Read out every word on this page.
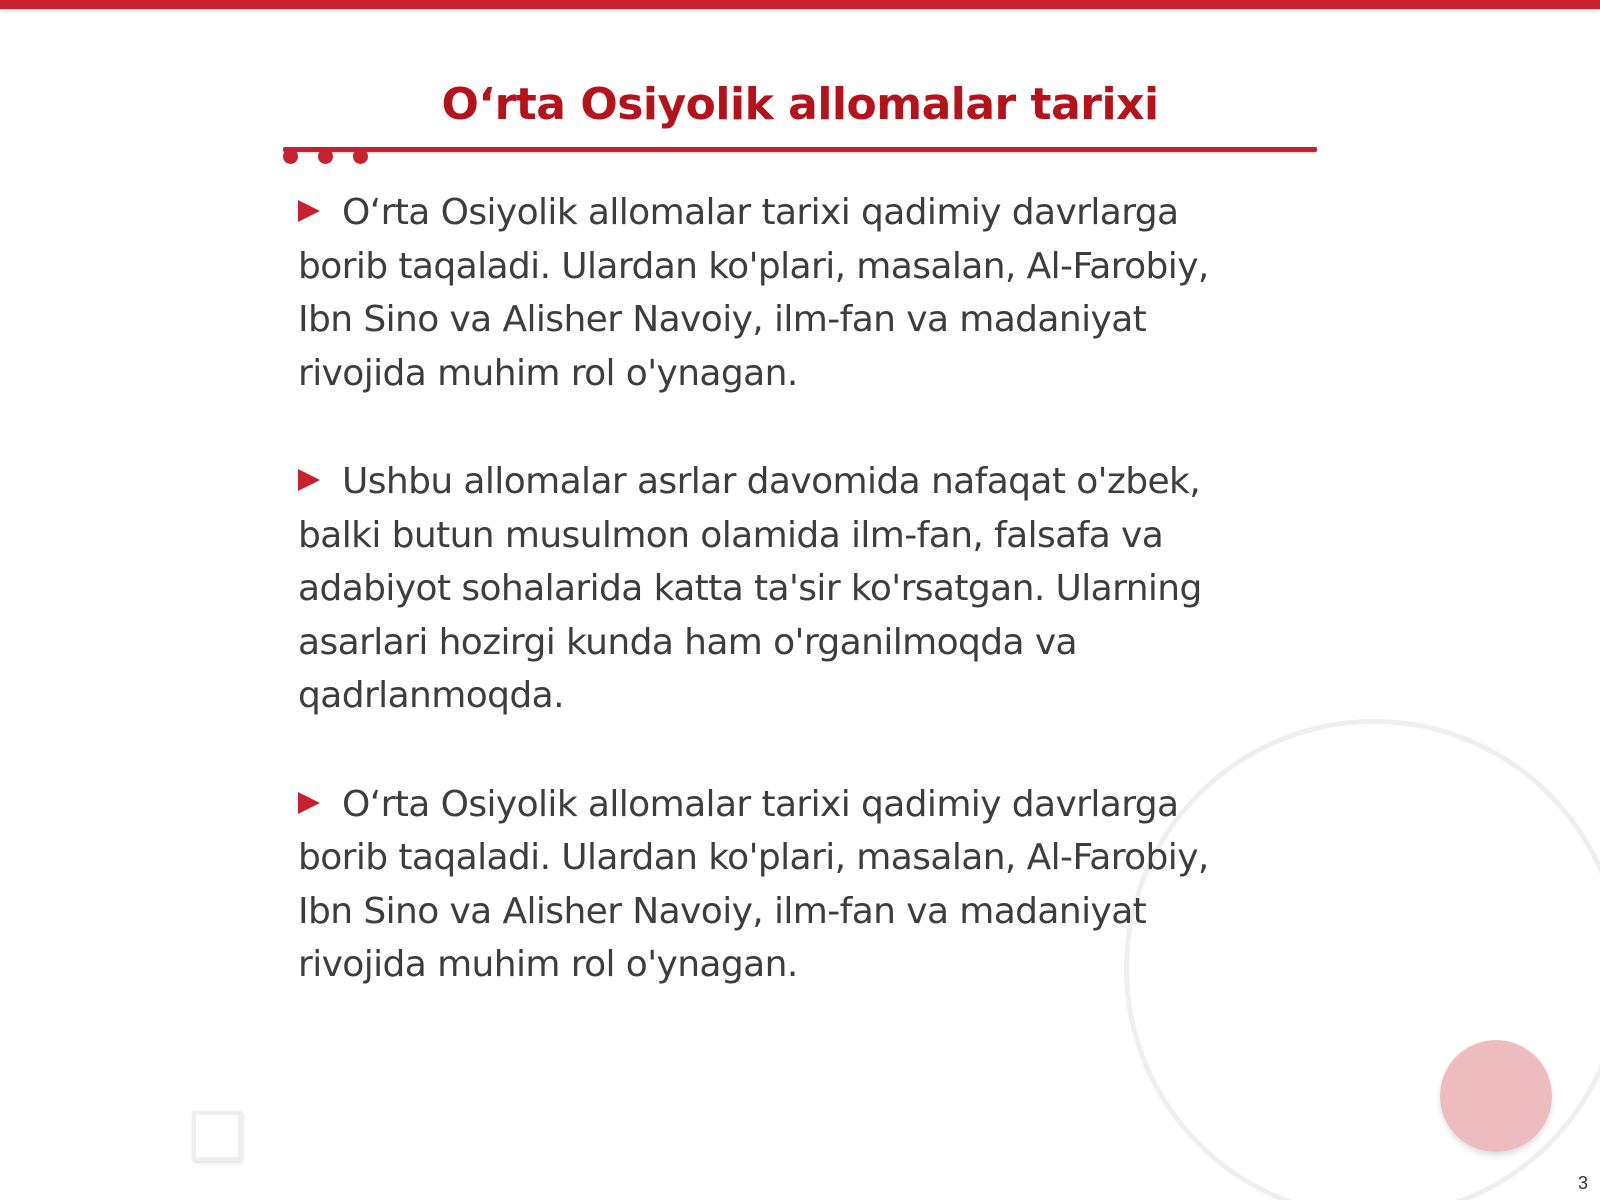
Oʻrta Osiyolik allomalar tarixi
Oʻrta Osiyolik allomalar tarixi qadimiy davrlarga borib taqaladi. Ulardan ko'plari, masalan, Al-Farobiy, Ibn Sino va Alisher Navoiy, ilm-fan va madaniyat rivojida muhim rol o'ynagan.
Ushbu allomalar asrlar davomida nafaqat o'zbek, balki butun musulmon olamida ilm-fan, falsafa va adabiyot sohalarida katta ta'sir ko'rsatgan. Ularning asarlari hozirgi kunda ham o'rganilmoqda va qadrlanmoqda.
Oʻrta Osiyolik allomalar tarixi qadimiy davrlarga borib taqaladi. Ulardan ko'plari, masalan, Al-Farobiy, Ibn Sino va Alisher Navoiy, ilm-fan va madaniyat rivojida muhim rol o'ynagan.
3
